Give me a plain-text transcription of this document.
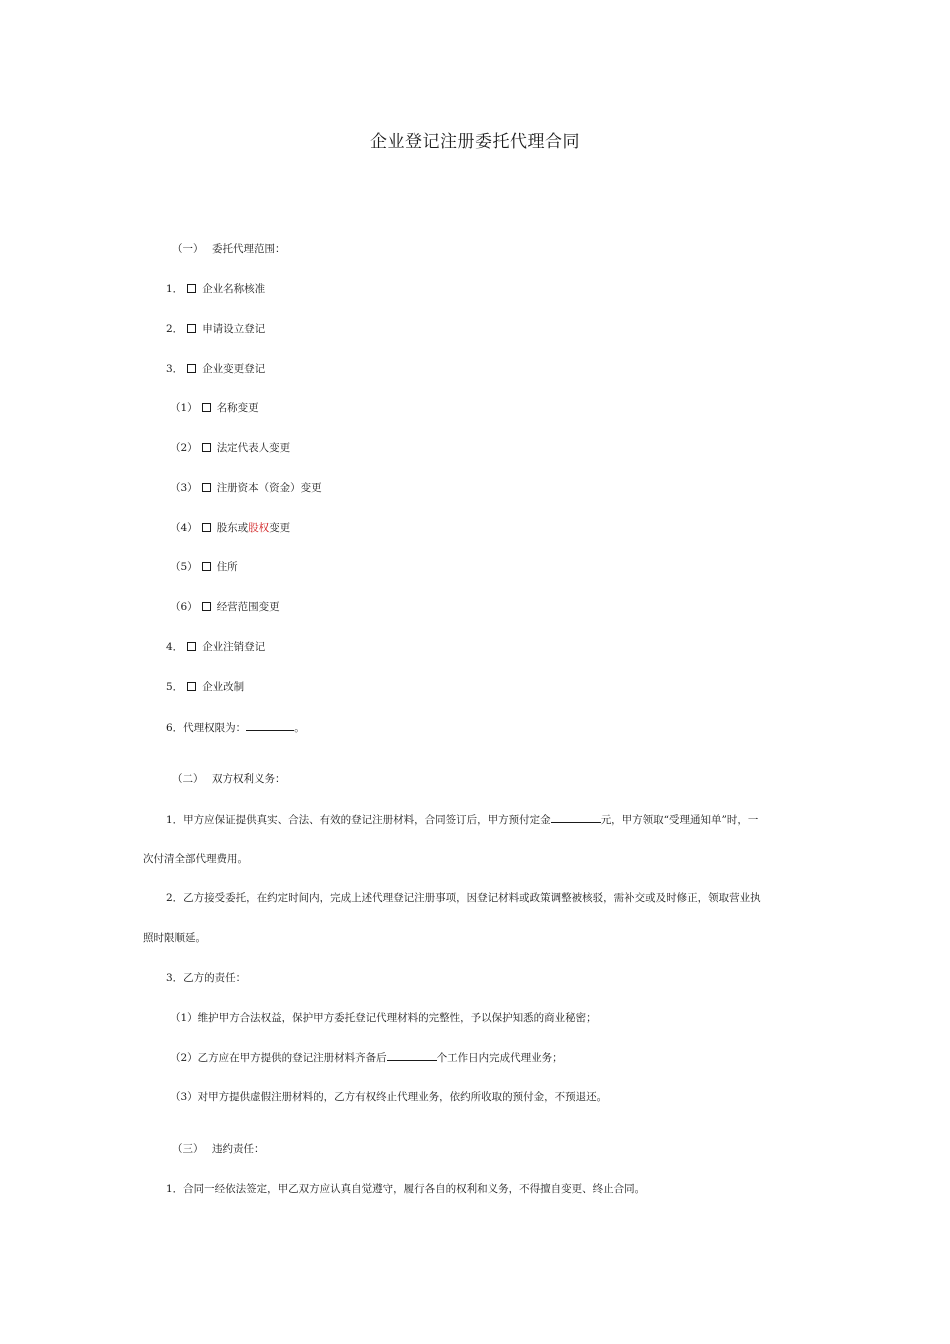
企业登记注册委托代理合同
（一） 委托代理范围：
1． 企业名称核准
2． 申请设立登记
3． 企业变更登记
（1） 名称变更
（2） 法定代表人变更
（3） 注册资本（资金）变更
（4） 股东或股权变更
（5） 住所
（6） 经营范围变更
4． 企业注销登记
5． 企业改制
6．代理权限为：	。
（二） 双方权利义务：
1．甲方应保证提供真实、合法、有效的登记注册材料，合同签订后，甲方预付定金	元，甲方领取“受理通知单”时，一
次付清全部代理费用。
2．乙方接受委托，在约定时间内，完成上述代理登记注册事项，因登记材料或政策调整被核驳，需补交或及时修正，领取营业执
照时限顺延。
3．乙方的责任：
（1）维护甲方合法权益，保护甲方委托登记代理材料的完整性，予以保护知悉的商业秘密；
（2）乙方应在甲方提供的登记注册材料齐备后	个工作日内完成代理业务；
（3）对甲方提供虚假注册材料的，乙方有权终止代理业务，依约所收取的预付金，不预退还。
（三） 违约责任：
1．合同一经依法签定，甲乙双方应认真自觉遵守，履行各自的权利和义务，不得擅自变更、终止合同。
